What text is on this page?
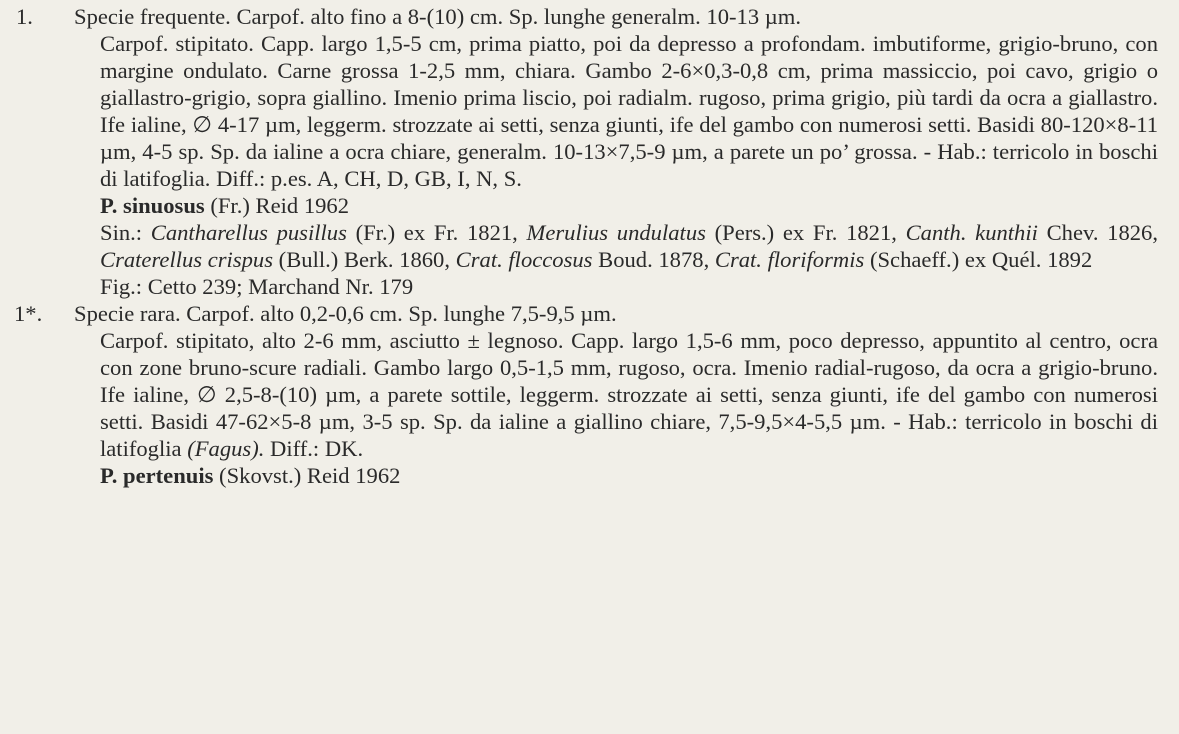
1. Specie frequente. Carpof. alto fino a 8-(10) cm. Sp. lunghe generalm. 10-13 µm.
Carpof. stipitato. Capp. largo 1,5-5 cm, prima piatto, poi da depresso a profondam. imbutiforme, grigio-bruno, con margine ondulato. Carne grossa 1-2,5 mm, chiara. Gambo 2-6×0,3-0,8 cm, prima massiccio, poi cavo, grigio o giallastro-grigio, sopra giallino. Imenio prima liscio, poi radialm. rugoso, prima grigio, più tardi da ocra a giallastro. Ife ialine, ∅ 4-17 µm, leggerm. strozzate ai setti, senza giunti, ife del gambo con numerosi setti. Basidi 80-120×8-11 µm, 4-5 sp. Sp. da ialine a ocra chiare, generalm. 10-13×7,5-9 µm, a parete un po’ grossa. - Hab.: terricolo in boschi di latifoglia. Diff.: p.es. A, CH, D, GB, I, N, S.
P. sinuosus (Fr.) Reid 1962
Sin.: Cantharellus pusillus (Fr.) ex Fr. 1821, Merulius undulatus (Pers.) ex Fr. 1821, Canth. kunthii Chev. 1826, Craterellus crispus (Bull.) Berk. 1860, Crat. floccosus Boud. 1878, Crat. floriformis (Schaeff.) ex Quél. 1892
Fig.: Cetto 239; Marchand Nr. 179
1*. Specie rara. Carpof. alto 0,2-0,6 cm. Sp. lunghe 7,5-9,5 µm.
Carpof. stipitato, alto 2-6 mm, asciutto ± legnoso. Capp. largo 1,5-6 mm, poco depresso, appuntito al centro, ocra con zone bruno-scure radiali. Gambo largo 0,5-1,5 mm, rugoso, ocra. Imenio radial-rugoso, da ocra a grigio-bruno. Ife ialine, ∅ 2,5-8-(10) µm, a parete sottile, leggerm. strozzate ai setti, senza giunti, ife del gambo con numerosi setti. Basidi 47-62×5-8 µm, 3-5 sp. Sp. da ialine a giallino chiare, 7,5-9,5×4-5,5 µm. - Hab.: terricolo in boschi di latifoglia (Fagus). Diff.: DK.
P. pertenuis (Skovst.) Reid 1962
